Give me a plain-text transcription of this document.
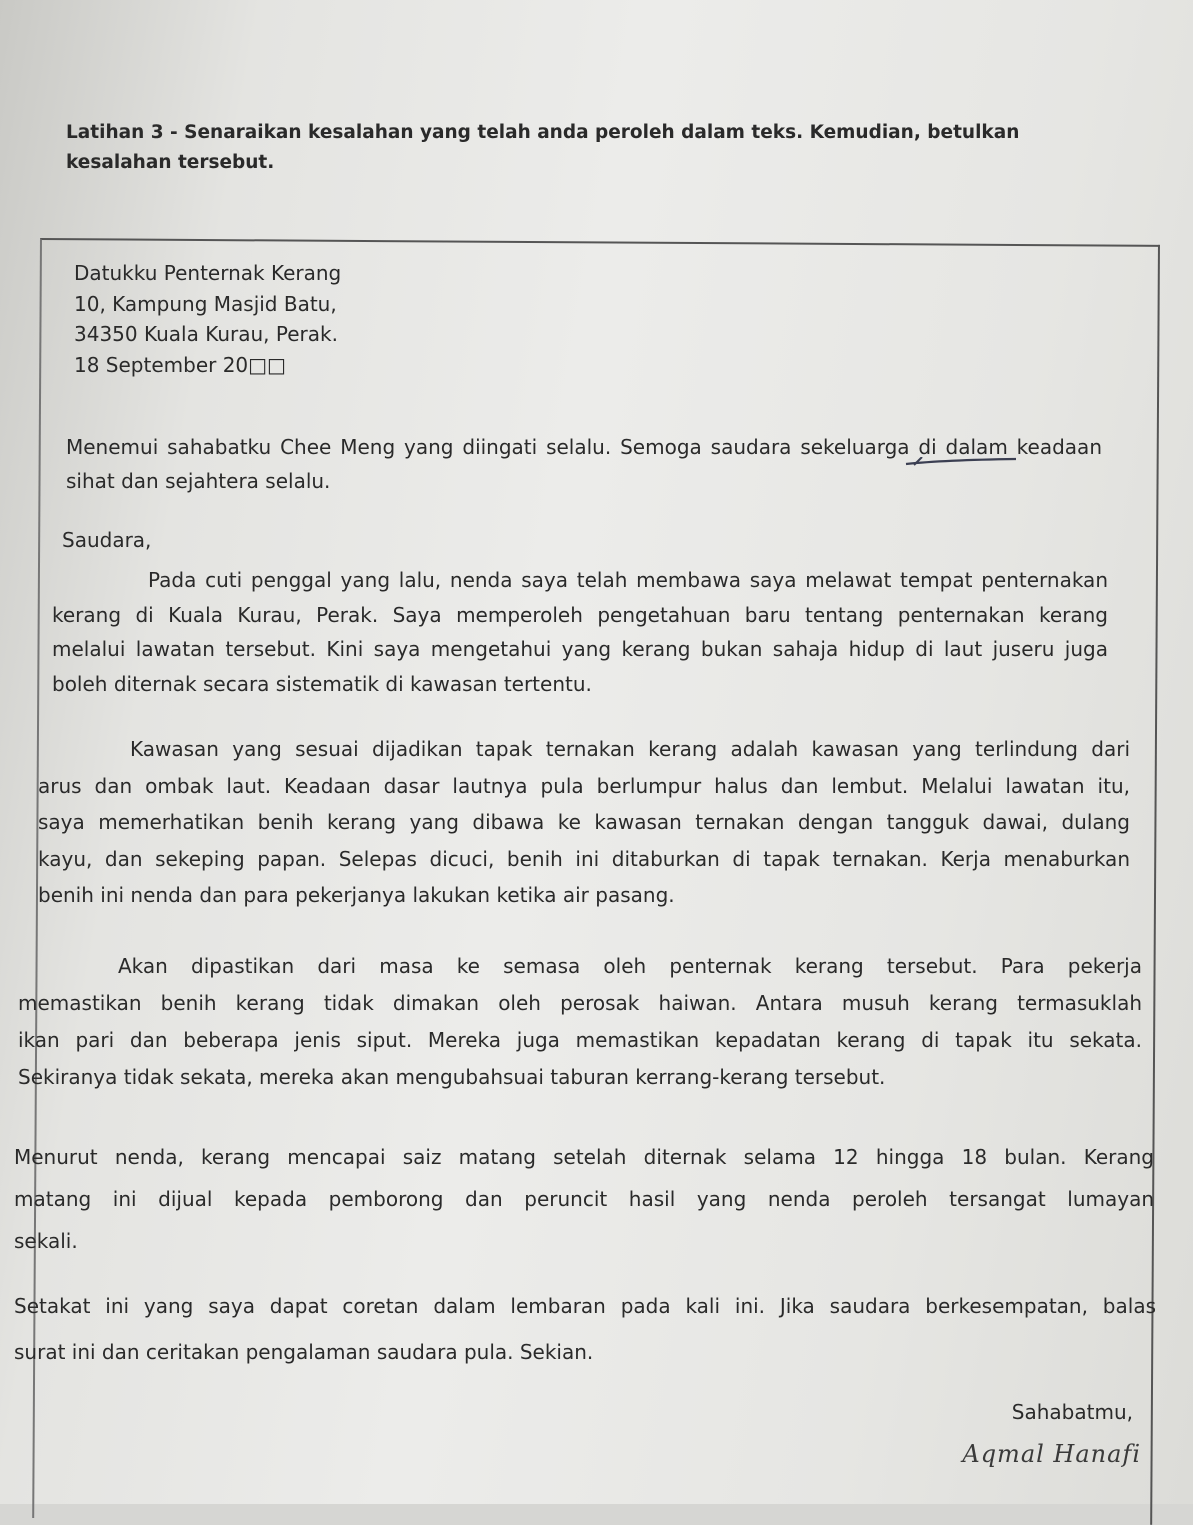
Latihan 3 - Senaraikan kesalahan yang telah anda peroleh dalam teks. Kemudian, betulkan
kesalahan tersebut.
Datukku Penternak Kerang
10, Kampung Masjid Batu,
34350 Kuala Kurau, Perak.
18 September 20□□
Menemui sahabatku Chee Meng yang diingati selalu. Semoga saudara sekeluarga di dalam keadaan
sihat dan sejahtera selalu.
Saudara,
Pada cuti penggal yang lalu, nenda saya telah membawa saya melawat tempat penternakan
kerang di Kuala Kurau, Perak. Saya memperoleh pengetahuan baru tentang penternakan kerang
melalui lawatan tersebut. Kini saya mengetahui yang kerang bukan sahaja hidup di laut juseru juga
boleh diternak secara sistematik di kawasan tertentu.
Kawasan yang sesuai dijadikan tapak ternakan kerang adalah kawasan yang terlindung dari
arus dan ombak laut. Keadaan dasar lautnya pula berlumpur halus dan lembut. Melalui lawatan itu,
saya memerhatikan benih kerang yang dibawa ke kawasan ternakan dengan tangguk dawai, dulang
kayu, dan sekeping papan. Selepas dicuci, benih ini ditaburkan di tapak ternakan. Kerja menaburkan
benih ini nenda dan para pekerjanya lakukan ketika air pasang.
Akan dipastikan dari masa ke semasa oleh penternak kerang tersebut. Para pekerja
memastikan benih kerang tidak dimakan oleh perosak haiwan. Antara musuh kerang termasuklah
ikan pari dan beberapa jenis siput. Mereka juga memastikan kepadatan kerang di tapak itu sekata.
Sekiranya tidak sekata, mereka akan mengubahsuai taburan kerrang-kerang tersebut.
Menurut nenda, kerang mencapai saiz matang setelah diternak selama 12 hingga 18 bulan. Kerang
matang ini dijual kepada pemborong dan peruncit hasil yang nenda peroleh tersangat lumayan
sekali.
Setakat ini yang saya dapat coretan dalam lembaran pada kali ini. Jika saudara berkesempatan, balas
surat ini dan ceritakan pengalaman saudara pula. Sekian.
Sahabatmu,
Aqmal Hanafi
